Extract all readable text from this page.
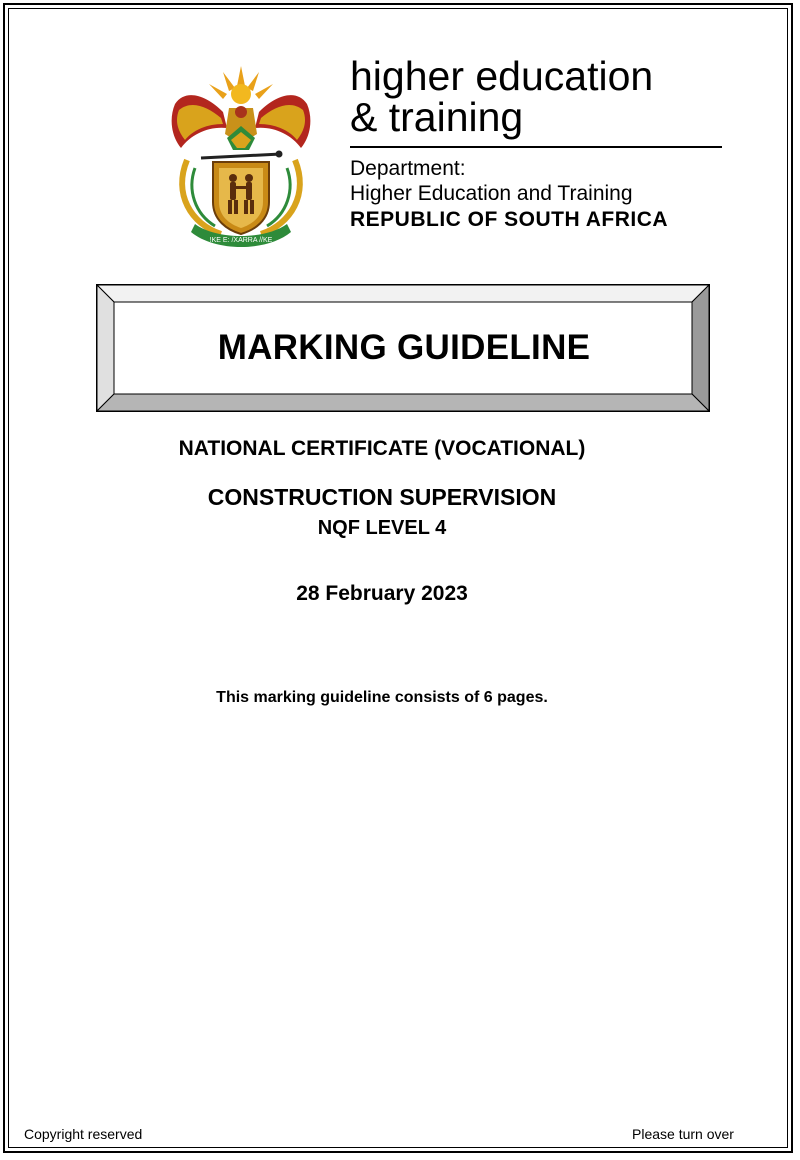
!KE E: /XARRA //KE
higher education
& training
Department:
Higher Education and Training
REPUBLIC OF SOUTH AFRICA
MARKING GUIDELINE
NATIONAL CERTIFICATE (VOCATIONAL)
CONSTRUCTION SUPERVISION
NQF LEVEL 4
28 February 2023
This marking guideline consists of 6 pages.
Copyright reserved	Please turn over
